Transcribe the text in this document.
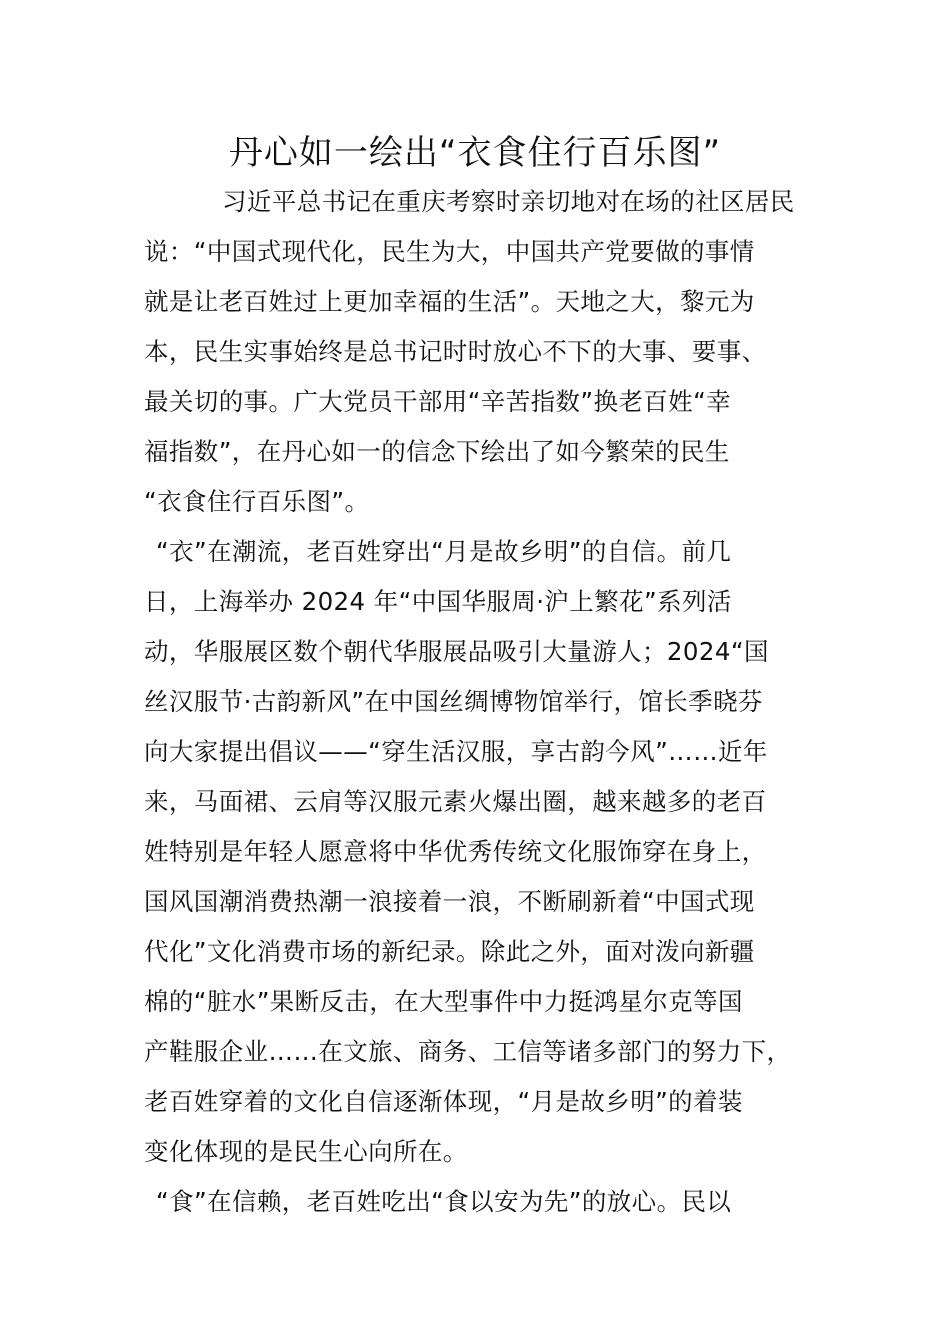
丹心如一绘出“衣食住行百乐图”
习近平总书记在重庆考察时亲切地对在场的社区居民
说：“中国式现代化，民生为大，中国共产党要做的事情
就是让老百姓过上更加幸福的生活”。天地之大，黎元为
本，民生实事始终是总书记时时放心不下的大事、要事、
最关切的事。广大党员干部用“辛苦指数”换老百姓“幸
福指数”，在丹心如一的信念下绘出了如今繁荣的民生
“衣食住行百乐图”。
“衣”在潮流，老百姓穿出“月是故乡明”的自信。前几
日，上海举办 2024 年“中国华服周·沪上繁花”系列活
动，华服展区数个朝代华服展品吸引大量游人；2024“国
丝汉服节·古韵新风”在中国丝绸博物馆举行，馆长季晓芬
向大家提出倡议——“穿生活汉服，享古韵今风”……近年
来，马面裙、云肩等汉服元素火爆出圈，越来越多的老百
姓特别是年轻人愿意将中华优秀传统文化服饰穿在身上，
国风国潮消费热潮一浪接着一浪，不断刷新着“中国式现
代化”文化消费市场的新纪录。除此之外，面对泼向新疆
棉的“脏水”果断反击，在大型事件中力挺鸿星尔克等国
产鞋服企业……在文旅、商务、工信等诸多部门的努力下，
老百姓穿着的文化自信逐渐体现，“月是故乡明”的着装
变化体现的是民生心向所在。
“食”在信赖，老百姓吃出“食以安为先”的放心。民以
